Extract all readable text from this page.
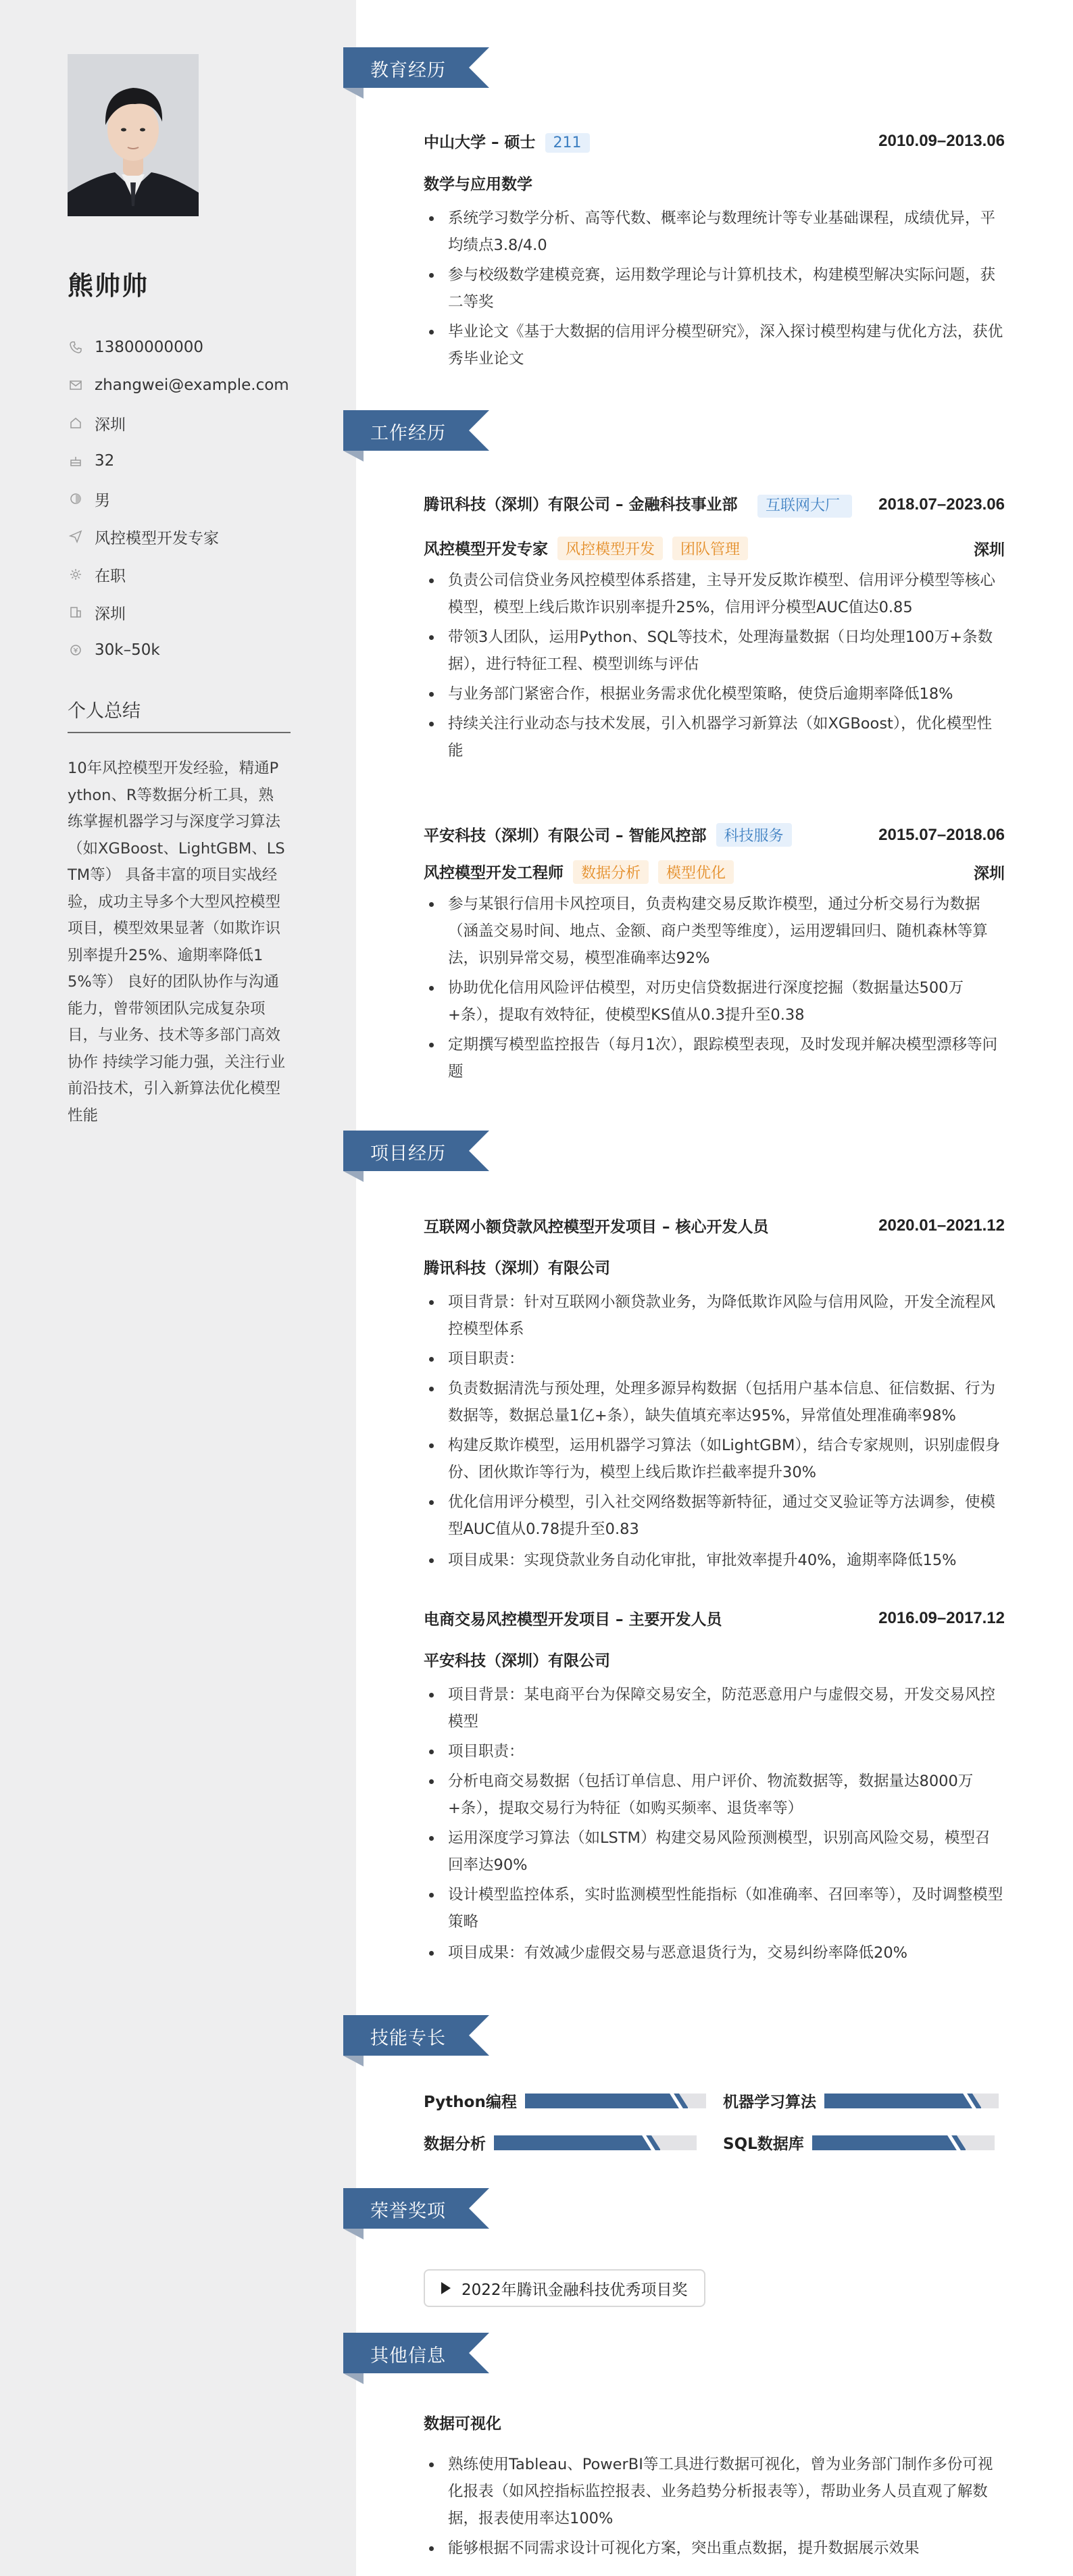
熊帅帅
13800000000
zhangwei@example.com
深圳
32
男
风控模型开发专家
在职
深圳
30k–50k
个人总结
10年风控模型开发经验，精通Python、R等数据分析工具，熟练掌握机器学习与深度学习算法（如XGBoost、LightGBM、LSTM等） 具备丰富的项目实战经验，成功主导多个大型风控模型项目，模型效果显著（如欺诈识别率提升25%、逾期率降低15%等） 良好的团队协作与沟通能力，曾带领团队完成复杂项目，与业务、技术等多部门高效协作 持续学习能力强，关注行业前沿技术，引入新算法优化模型性能
教育经历
工作经历
项目经历
技能专长
荣誉奖项
其他信息
中山大学 – 硕士 211	2010.09–2013.06
数学与应用数学
系统学习数学分析、高等代数、概率论与数理统计等专业基础课程，成绩优异，平均绩点3.8/4.0
参与校级数学建模竞赛，运用数学理论与计算机技术，构建模型解决实际问题，获二等奖
毕业论文《基于大数据的信用评分模型研究》，深入探讨模型构建与优化方法，获优秀毕业论文
腾讯科技（深圳）有限公司 – 金融科技事业部	互联网大厂	2018.07–2023.06
风控模型开发专家 风控模型开发 团队管理	深圳
负责公司信贷业务风控模型体系搭建，主导开发反欺诈模型、信用评分模型等核心模型，模型上线后欺诈识别率提升25%，信用评分模型AUC值达0.85
带领3人团队，运用Python、SQL等技术，处理海量数据（日均处理100万+条数据），进行特征工程、模型训练与评估
与业务部门紧密合作，根据业务需求优化模型策略，使贷后逾期率降低18%
持续关注行业动态与技术发展，引入机器学习新算法（如XGBoost），优化模型性能
平安科技（深圳）有限公司 – 智能风控部 科技服务	2015.07–2018.06
风控模型开发工程师 数据分析 模型优化	深圳
参与某银行信用卡风控项目，负责构建交易反欺诈模型，通过分析交易行为数据（涵盖交易时间、地点、金额、商户类型等维度），运用逻辑回归、随机森林等算法，识别异常交易，模型准确率达92%
协助优化信用风险评估模型，对历史信贷数据进行深度挖掘（数据量达500万+条），提取有效特征，使模型KS值从0.3提升至0.38
定期撰写模型监控报告（每月1次），跟踪模型表现，及时发现并解决模型漂移等问题
互联网小额贷款风控模型开发项目 – 核心开发人员	2020.01–2021.12
腾讯科技（深圳）有限公司
项目背景：针对互联网小额贷款业务，为降低欺诈风险与信用风险，开发全流程风控模型体系
项目职责：
负责数据清洗与预处理，处理多源异构数据（包括用户基本信息、征信数据、行为数据等，数据总量1亿+条），缺失值填充率达95%，异常值处理准确率98%
构建反欺诈模型，运用机器学习算法（如LightGBM），结合专家规则，识别虚假身份、团伙欺诈等行为，模型上线后欺诈拦截率提升30%
优化信用评分模型，引入社交网络数据等新特征，通过交叉验证等方法调参，使模型AUC值从0.78提升至0.83
项目成果：实现贷款业务自动化审批，审批效率提升40%，逾期率降低15%
电商交易风控模型开发项目 – 主要开发人员	2016.09–2017.12
平安科技（深圳）有限公司
项目背景：某电商平台为保障交易安全，防范恶意用户与虚假交易，开发交易风控模型
项目职责：
分析电商交易数据（包括订单信息、用户评价、物流数据等，数据量达8000万+条），提取交易行为特征（如购买频率、退货率等）
运用深度学习算法（如LSTM）构建交易风险预测模型，识别高风险交易，模型召回率达90%
设计模型监控体系，实时监测模型性能指标（如准确率、召回率等），及时调整模型策略
项目成果：有效减少虚假交易与恶意退货行为，交易纠纷率降低20%
Python编程	机器学习算法
数据分析	SQL数据库
2022年腾讯金融科技优秀项目奖
数据可视化
熟练使用Tableau、PowerBI等工具进行数据可视化，曾为业务部门制作多份可视化报表（如风控指标监控报表、业务趋势分析报表等），帮助业务人员直观了解数据，报表使用率达100%
能够根据不同需求设计可视化方案，突出重点数据，提升数据展示效果
